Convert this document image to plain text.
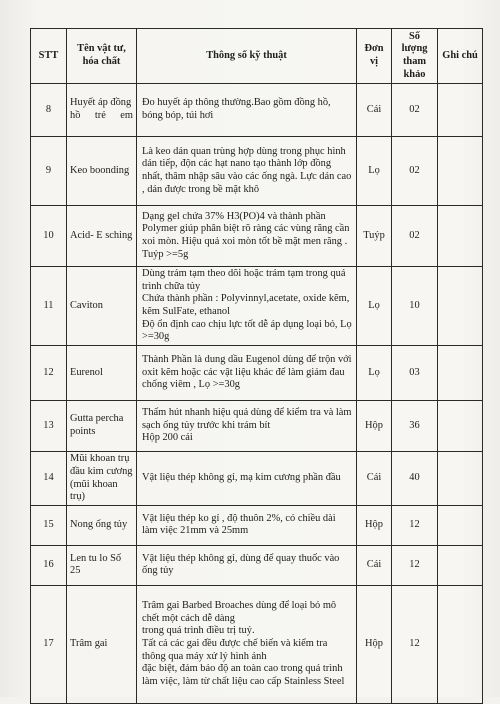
STT	Tên vật tư, hóa chất	Thông số kỹ thuật	Đơn vị	Số lượng tham khảo	Ghi chú
8	Huyết áp đồng hồ trẻ em	Đo huyết áp thông thường.Bao gồm đồng hồ, bóng bóp, túi hơi	Cái	02	
9	Keo boonding	Là keo dán quan trùng hợp dùng trong phục hình dán tiếp, độn các hạt nano tạo thành lớp đồng nhất, thâm nhập sâu vào các ống ngà. Lực dán cao , dán được trong bề mặt khô	Lọ	02	
10	Acid- E sching	Dạng gel chứa 37% H3(PO)4 và thành phần Polymer giúp phân biệt rõ ràng các vùng răng cần xoi mòn. Hiệu quả xoi mòn tốt bề mặt men răng . Tuýp >=5g	Tuýp	02	
11	Caviton	Dùng trám tạm theo dõi hoặc trám tạm trong quá trình chữa tủy
Chứa thành phần : Polyvinnyl,acetate, oxide kẽm, kẽm SulFate, ethanol
Độ ổn định cao chịu lực tốt dễ áp dụng loại bỏ, Lọ >=30g	Lọ	10	
12	Eurenol	Thành Phần là dung dầu Eugenol dùng để trộn với oxit kẽm hoặc các vật liệu khác để làm giảm đau chống viêm , Lọ >=30g	Lọ	03	
13	Gutta percha points	Thấm hút nhanh hiệu quả dùng để kiểm tra và làm sạch ống tủy trước khi trám bít
Hộp 200 cái	Hộp	36	
14	Mũi khoan trụ đầu kim cương (mũi khoan trụ)	Vật liệu thép không gỉ, mạ kim cương phần đầu	Cái	40	
15	Nong ống tủy	Vật liệu thép ko gỉ , độ thuôn 2%, có chiều dài làm việc 21mm và 25mm	Hộp	12	
16	Len tu lo Số 25	Vật liệu thép không gỉ, dùng để quay thuốc vào ống tủy	Cái	12	
17	Trâm gai	Trâm gai Barbed Broaches dùng để loại bỏ mô chết một cách dễ dàng
trong quá trình điều trị tuỷ.
Tất cả các gai đều được chế biến và kiểm tra thông qua máy xử lý hình ảnh
đặc biệt, đảm bảo độ an toàn cao trong quá trình làm việc, làm từ chất liệu cao cấp Stainless Steel	Hộp	12	
